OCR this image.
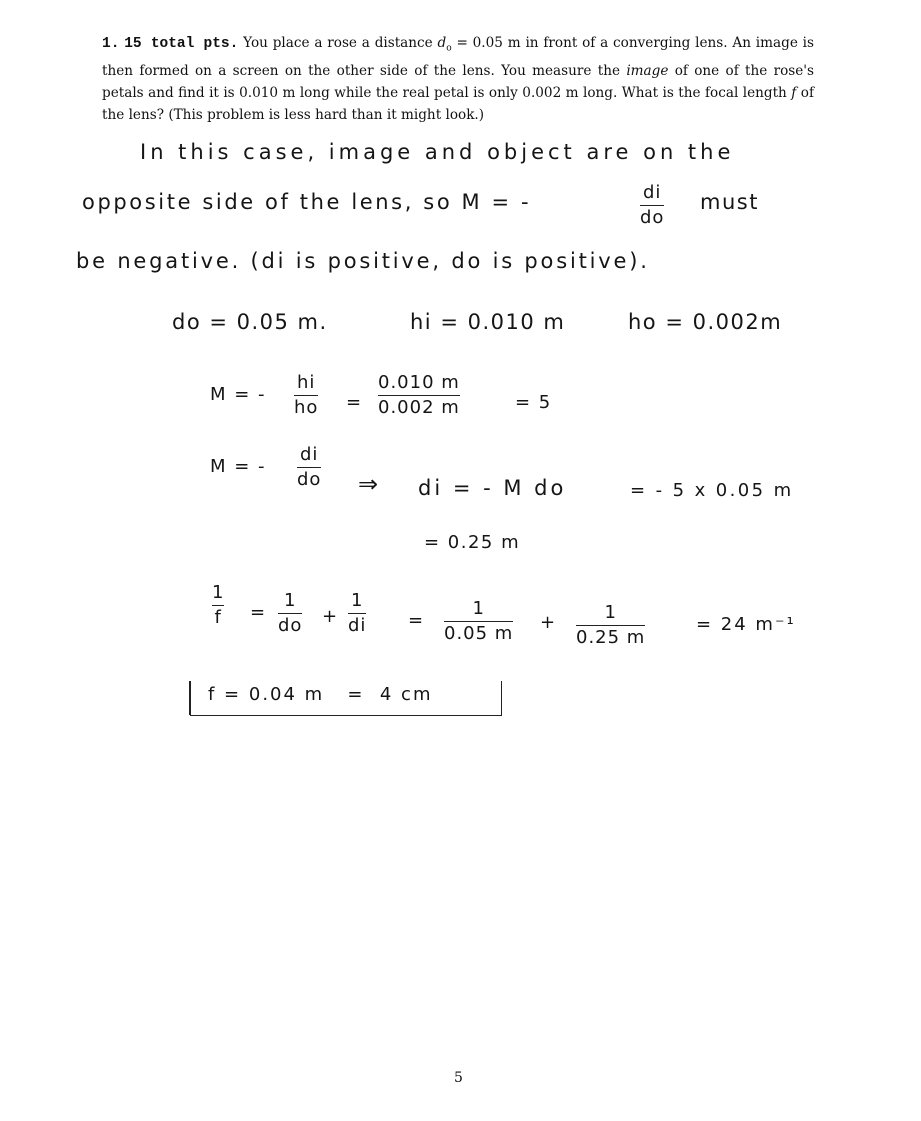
1. 15 total pts. You place a rose a distance $d_o = 0.05$ m in front of a converging lens. An image is then formed on a screen on the other side of the lens. You measure the image of one of the rose's petals and find it is 0.010 m long while the real petal is only 0.002 m long. What is the focal length f of the lens? (This problem is less hard than it might look.)
In this case, image and object are on the
opposite side of the lens, so M = -	di
do
must
be negative. (di is positive, do is positive).
do = 0.05 m.	hi = 0.010 m	ho = 0.002m
M = -
hi
ho =
0.010 m
0.002 m	= 5
M = -
di
do ⇒ di = - M do	= - 5 x 0.05 m
= 0.25 m
1
f =
1
do +
1
di =
1
0.05 m
+	1
0.25 m
= 24 m⁻¹
f = 0.04 m   =  4 cm
5
